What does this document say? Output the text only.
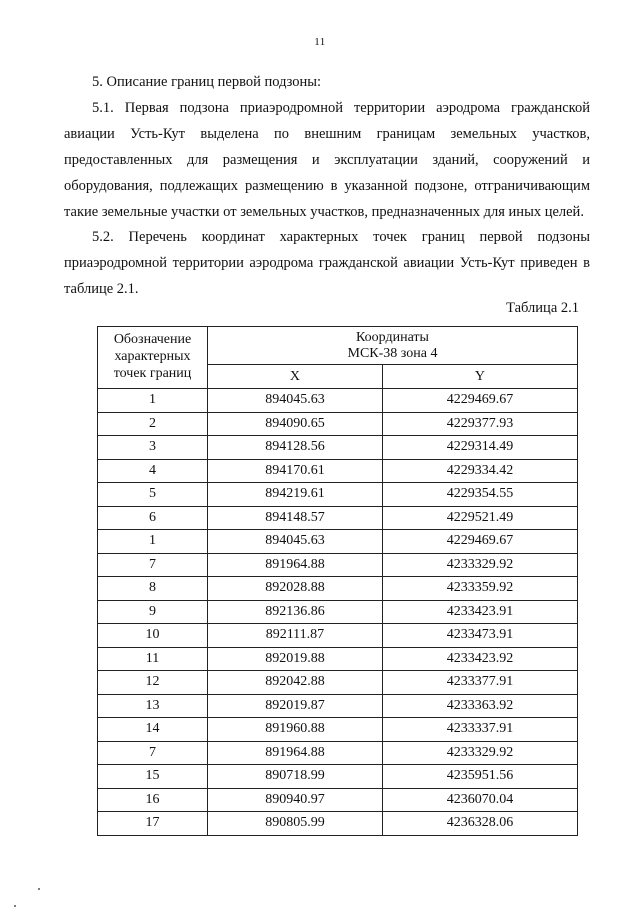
11
5. Описание границ первой подзоны:
5.1. Первая подзона приаэродромной территории аэродрома гражданской авиации Усть-Кут выделена по внешним границам земельных участков, предоставленных для размещения и эксплуатации зданий, сооружений и оборудования, подлежащих размещению в указанной подзоне, отграничивающим такие земельные участки от земельных участков, предназначенных для иных целей.
5.2. Перечень координат характерных точек границ первой подзоны приаэродромной территории аэродрома гражданской авиации Усть-Кут приведен в таблице 2.1.
Таблица 2.1
Обозначение характерных точек границ	Координаты
МСК-38 зона 4	

	X	Y
1	894045.63	4229469.67
2	894090.65	4229377.93
3	894128.56	4229314.49
4	894170.61	4229334.42
5	894219.61	4229354.55
6	894148.57	4229521.49
1	894045.63	4229469.67
7	891964.88	4233329.92
8	892028.88	4233359.92
9	892136.86	4233423.91
10	892111.87	4233473.91
11	892019.88	4233423.92
12	892042.88	4233377.91
13	892019.87	4233363.92
14	891960.88	4233337.91
7	891964.88	4233329.92
15	890718.99	4235951.56
16	890940.97	4236070.04
17	890805.99	4236328.06
